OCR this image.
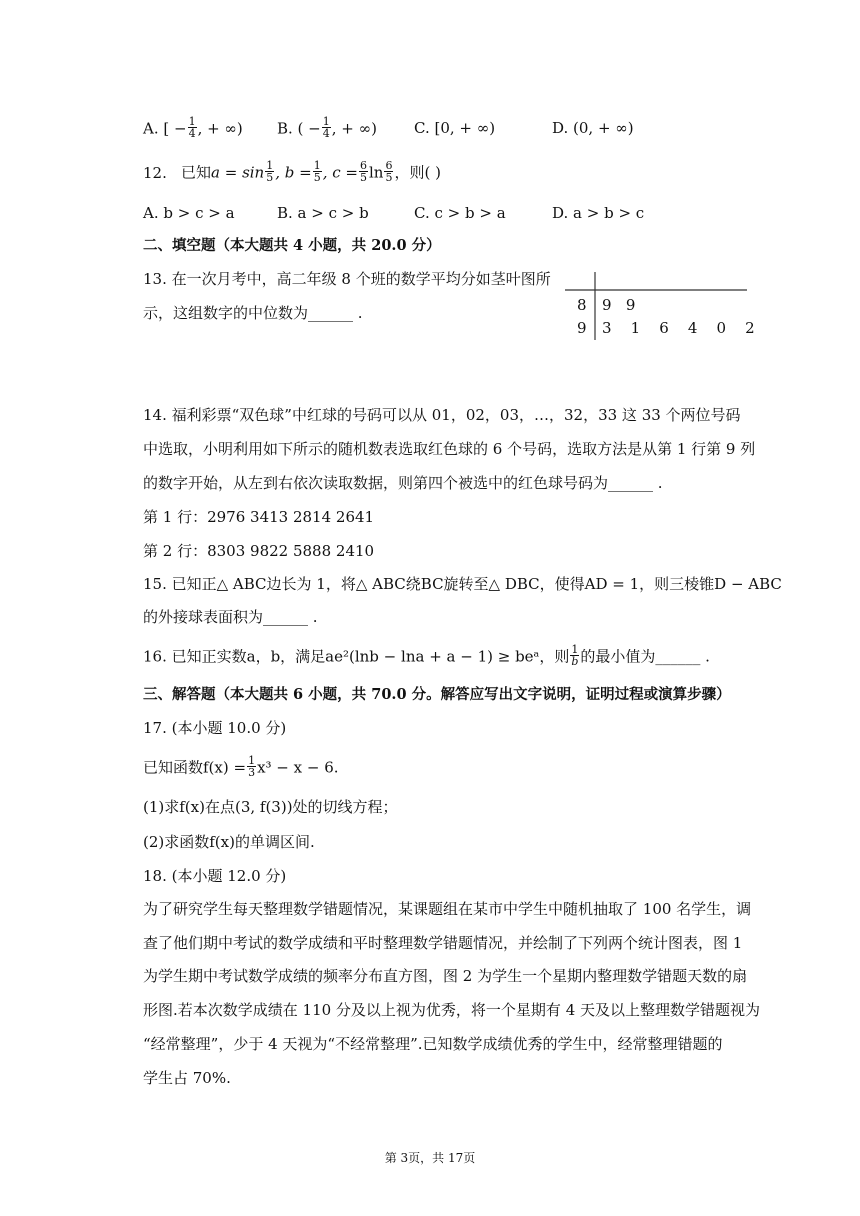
A. [ − $\frac{1}{4}$ , + ∞) B. ( − $\frac{1}{4}$ , + ∞) C. [0, + ∞)	D. (0, + ∞)
12. 已知$a = \sin \frac{1}{5}$ , $b = \frac{1}{5}$ , $c = \frac{6}{5}$ $\ln \frac{6}{5}$ ，则( )
A. b > c > a	B. a > c > b	C. c > b > a	D. a > b > c
二、填空题（本大题共 4 小题，共 20.0 分）
13. 在一次月考中，高二年级 8 个班的数学平均分如茎叶图所
示，这组数字的中位数为______ .	8 9   9
9 3    1    6    4    0    2
14. 福利彩票“双色球”中红球的号码可以从 01，02，03，…，32，33 这 33 个两位号码
中选取，小明利用如下所示的随机数表选取红色球的 6 个号码，选取方法是从第 1 行第 9 列
的数字开始，从左到右依次读取数据，则第四个被选中的红色球号码为______ .
第 1 行：2976 3413 2814 2641
第 2 行：8303 9822 5888 2410
15. 已知正△ ABC边长为 1，将△ ABC绕BC旋转至△ DBC，使得AD = 1，则三棱锥D − ABC
的外接球表面积为______ .
16. 已知正实数a，b，满足ae²(lnb − lna + a − 1) ≥ beᵃ，则 $\frac{1}{b}$ 的最小值为______ .
三、解答题（本大题共 6 小题，共 70.0 分。解答应写出文字说明，证明过程或演算步骤）
17. (本小题 10.0 分)
已知函数$f(x) = \frac{1}{3} x^3 - x - 6$.
(1)求f(x)在点(3, f(3))处的切线方程；
(2)求函数f(x)的单调区间.
18. (本小题 12.0 分)
为了研究学生每天整理数学错题情况，某课题组在某市中学生中随机抽取了 100 名学生，调
查了他们期中考试的数学成绩和平时整理数学错题情况，并绘制了下列两个统计图表，图 1
为学生期中考试数学成绩的频率分布直方图，图 2 为学生一个星期内整理数学错题天数的扇
形图.若本次数学成绩在 110 分及以上视为优秀，将一个星期有 4 天及以上整理数学错题视为
“经常整理”，少于 4 天视为“不经常整理”.已知数学成绩优秀的学生中，经常整理错题的
学生占 70%.
第 3页，共 17页
